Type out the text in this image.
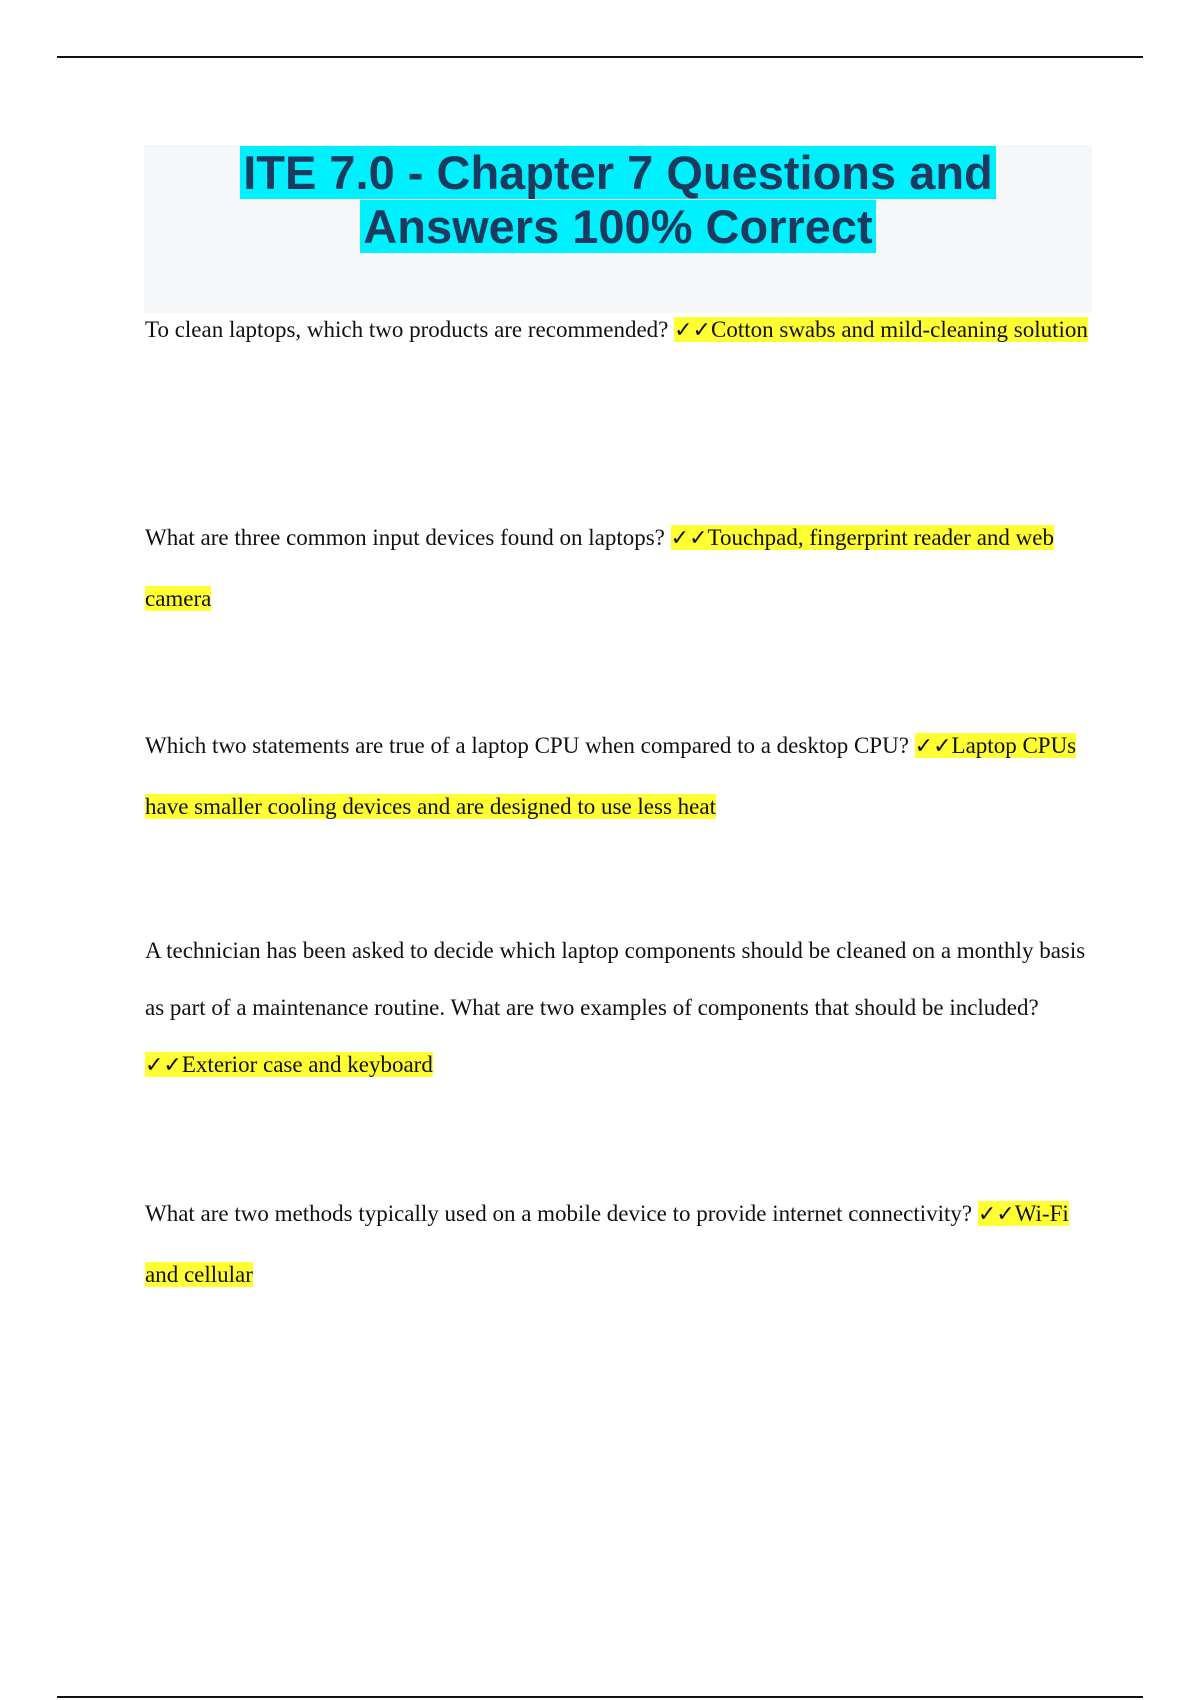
ITE 7.0 - Chapter 7 Questions and
Answers 100% Correct

To clean laptops, which two products are recommended? ✓✓Cotton swabs and mild-cleaning solution

What are three common input devices found on laptops? ✓✓Touchpad, fingerprint reader and web camera

Which two statements are true of a laptop CPU when compared to a desktop CPU? ✓✓Laptop CPUs have smaller cooling devices and are designed to use less heat

A technician has been asked to decide which laptop components should be cleaned on a monthly basis as part of a maintenance routine. What are two examples of components that should be included? ✓✓Exterior case and keyboard

What are two methods typically used on a mobile device to provide internet connectivity? ✓✓Wi-Fi and cellular
